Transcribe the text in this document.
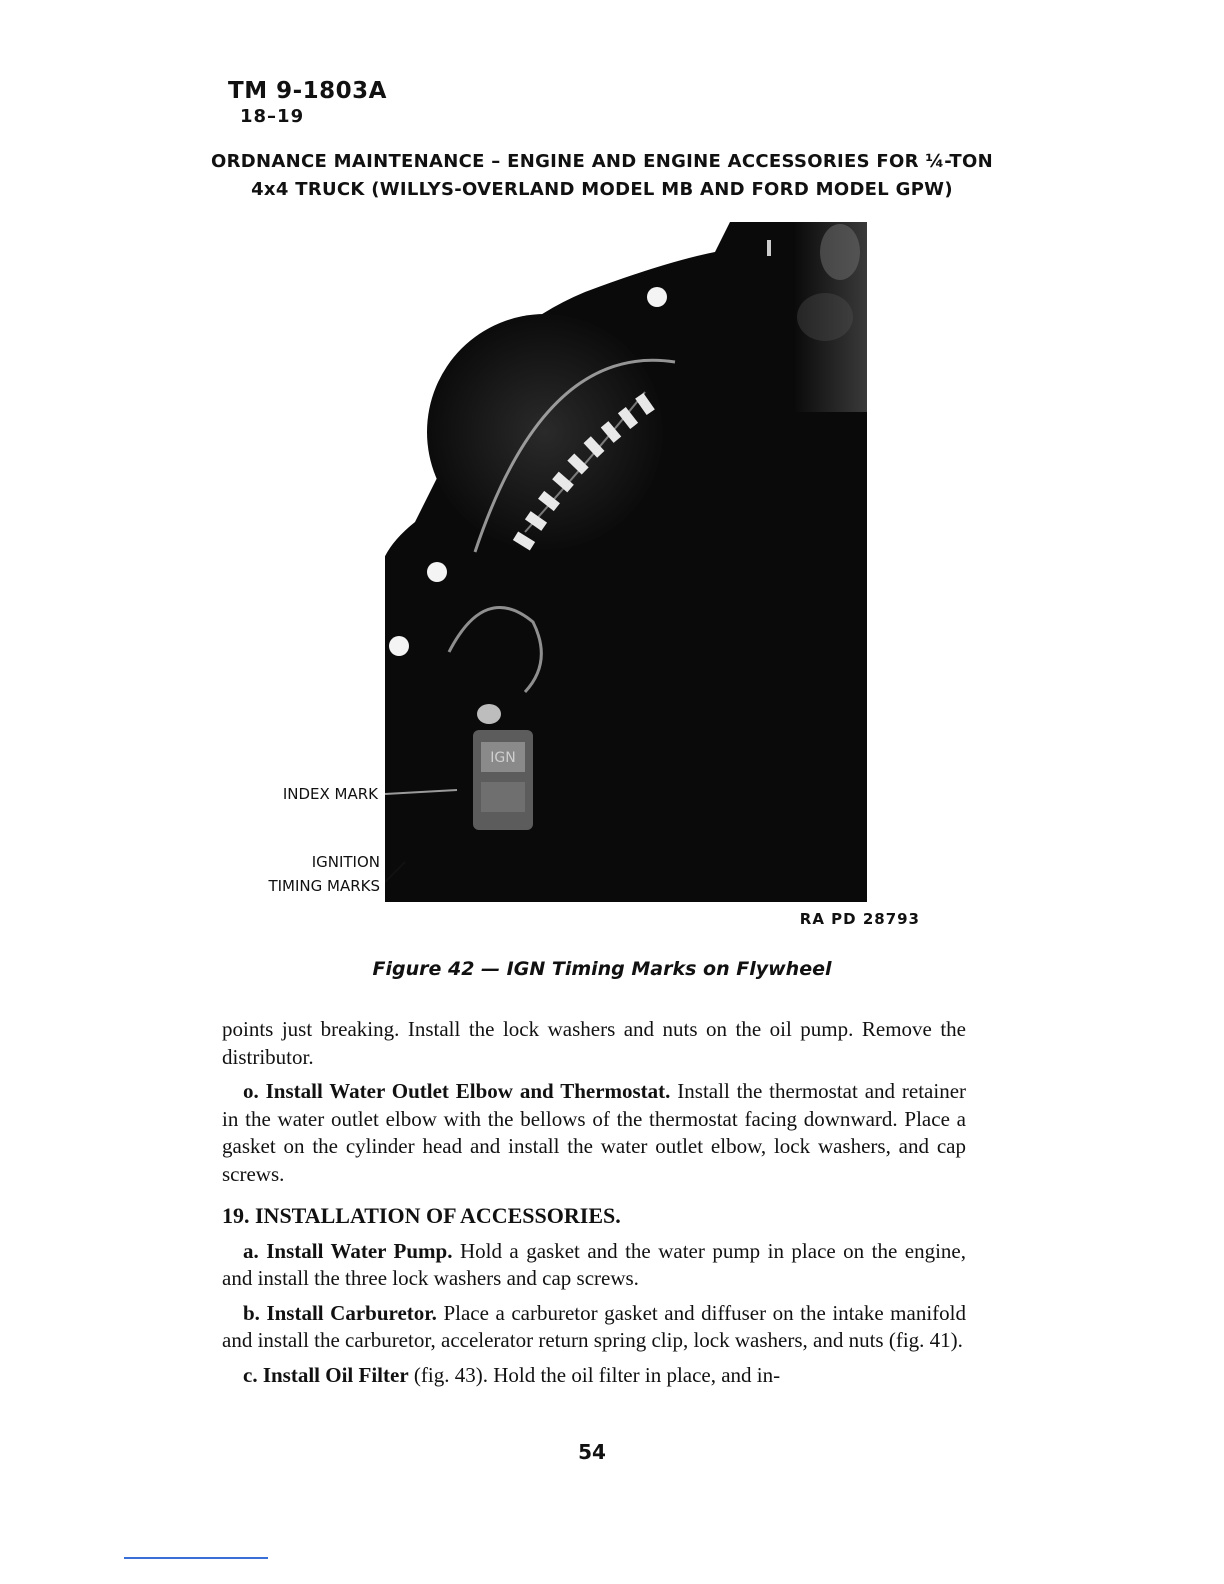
TM 9-1803A
18–19
ORDNANCE MAINTENANCE – ENGINE AND ENGINE ACCESSORIES FOR ¼-TON
4x4 TRUCK (WILLYS-OVERLAND MODEL MB AND FORD MODEL GPW)
IGN
INDEX MARK
IGNITION
TIMING MARKS
RA PD 28793
Figure 42 — IGN Timing Marks on Flywheel

points just breaking. Install the lock washers and nuts on the oil pump. Remove the distributor.

o. Install Water Outlet Elbow and Thermostat. Install the thermostat and retainer in the water outlet elbow with the bellows of the thermostat facing downward. Place a gasket on the cylinder head and install the water outlet elbow, lock washers, and cap screws.

19. INSTALLATION OF ACCESSORIES.

a. Install Water Pump. Hold a gasket and the water pump in place on the engine, and install the three lock washers and cap screws.

b. Install Carburetor. Place a carburetor gasket and diffuser on the intake manifold and install the carburetor, accelerator return spring clip, lock washers, and nuts (fig. 41).

c. Install Oil Filter (fig. 43). Hold the oil filter in place, and in-

54
